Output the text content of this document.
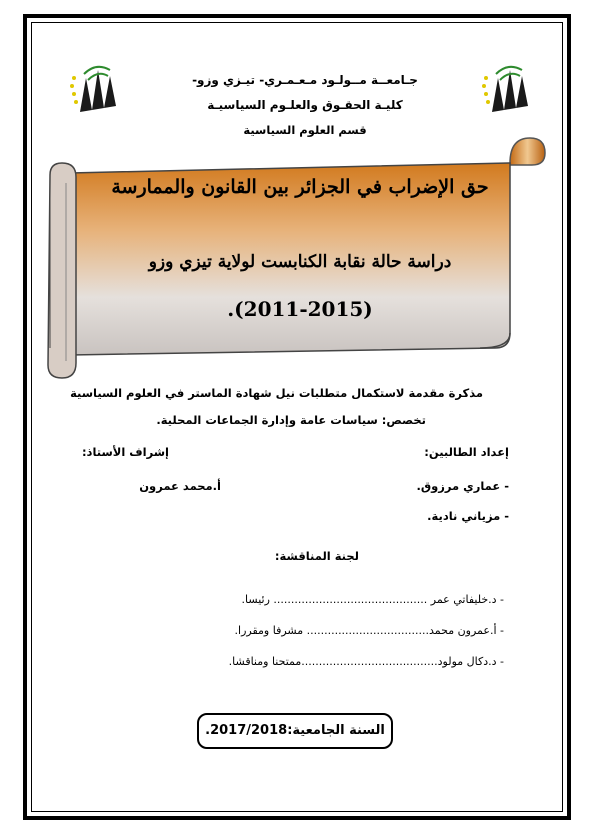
جـامعــة مــولـود مـعـمـري- تيـزي وزو-
كليـة الحقـوق والعلـوم السياسيـة
قسم العلوم السياسية
حق الإضراب في الجزائر بين القانون والممارسة
دراسة حالة نقابة الكنابست لولاية تيزي وزو
(2011-2015).
مذكرة مقدمة لاستكمال متطلبات نيل شهادة الماستر في العلوم السياسية
تخصص: سياسات عامة وإدارة الجماعات المحلية.
إعداد الطالبين:
إشراف الأستاذ:
- عماري مرزوق.
أ.محمد عمرون
- مزياني نادية.
لجنة المناقشة:
- د.خليفاتي عمر ............................................ رئيسا.
- أ.عمرون محمد................................... مشرفا ومقررا.
- د.دكال مولود.......................................ممتحنا ومناقشا.
السنة الجامعية:2017/2018.
